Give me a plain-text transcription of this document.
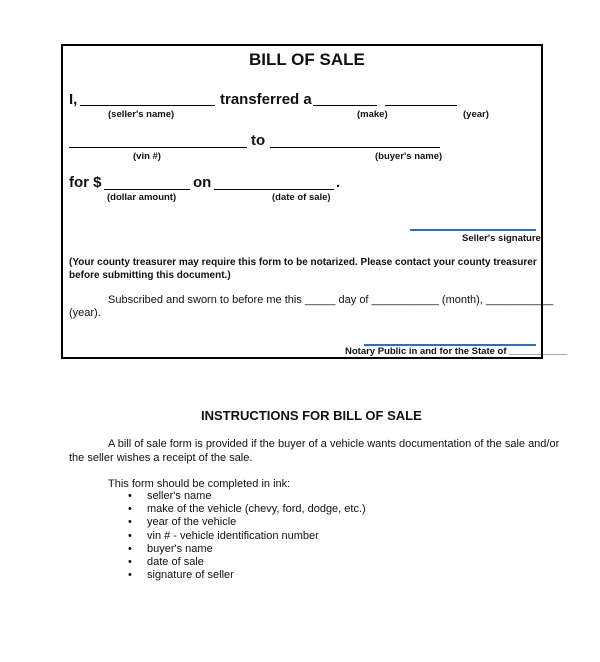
BILL OF SALE
I,	transferred a
(seller's name)	(make)	(year)
to
(vin #)	(buyer's name)
for $	on	.
(dollar amount)	(date of sale)
Seller's signature
(Your county treasurer may require this form to be notarized. Please contact your county treasurer before submitting this document.)
Subscribed and sworn to before me this _____ day of ___________ (month), ___________
(year).
Notary Public in and for the State of ___________
INSTRUCTIONS FOR BILL OF SALE
A bill of sale form is provided if the buyer of a vehicle wants documentation of the sale and/or
the seller wishes a receipt of the sale.
This form should be completed in ink:
• seller's name
• make of the vehicle (chevy, ford, dodge, etc.)
• year of the vehicle
• vin # - vehicle identification number
• buyer's name
• date of sale
• signature of seller
